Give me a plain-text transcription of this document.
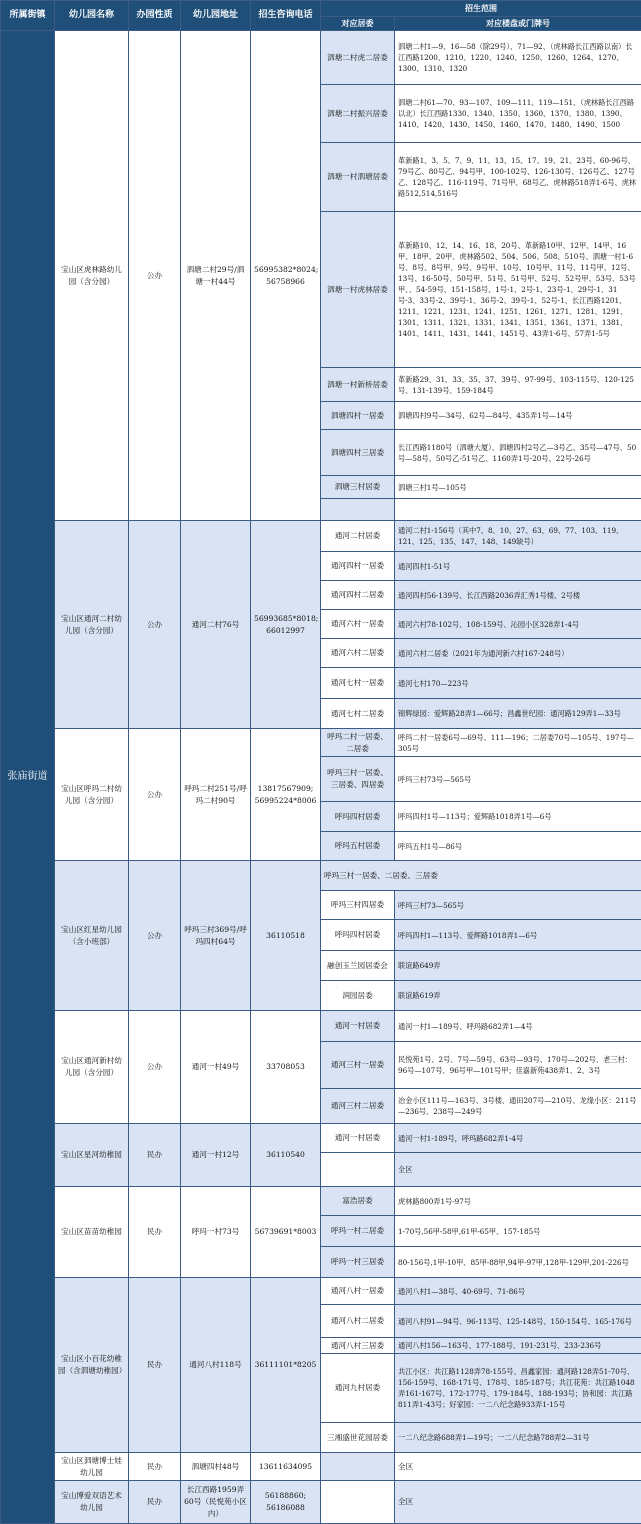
所属街镇	幼儿园名称	办园性质	幼儿园地址	招生咨询电话	招生范围	
					对应居委	对应楼盘或门牌号
张庙街道	宝山区虎林路幼儿园（含分园）	公办	泗塘二村29号/泗塘一村44号	56995382*8024; 56758966	泗塘二村虎二居委	泗塘二村1—9、16—58（除29号）、71—92、（虎林路长江西路以南）长江西路1200、1210、1220、1240、1250、1260、1264、1270、1300、1310、1320
					泗塘二村振兴居委	泗塘二村61—70、93—107、109—111、119—151、（虎林路长江西路以北）长江西路1330、1340、1350、1360、1370、1380、1390、1410、1420、1430、1450、1460、1470、1480、1490、1500
					泗塘一村泗塘居委	革新路1、3、5、7、9、11、13、15、17、19、21、23号、60-96号、79号乙、80号乙、94号甲、100-102号、126-130号、126号乙、127号乙、128号乙、116-119号、71号甲、68号乙、虎林路518弄1-6号、虎林路512,514,516号
					泗塘一村虎林居委	革新路10、12、14、16、18、20号、革新路10甲、12甲、14甲、16甲、18甲、20甲、虎林路502、504、506、508、510号、泗塘一村1-6号、8号、8号甲、9号、9号甲、10号、10号甲、11号、11号甲、12号、13号、16-50号、50号甲、51号、51号甲、52号、52号甲、53号、53号甲、、54-59号、151-158号、1号-1、2号-1、23号-1、29号-1、31号-3、33号-2、39号-1、36号-2、39号-1、52号-1、长江西路1201、1211、1221、1231、1241、1251、1261、1271、1281、1291、1301、1311、1321、1331、1341、1351、1361、1371、1381、1401、1411、1431、1441、1451号、43弄1-6号、57弄1-5号
					泗塘一村新桥居委	革新路29、31、33、35、37、39号、97-99号、103-115号、120-125号、131-139号、159-184号
					泗塘四村一居委	泗塘四村9号—34号、62号—84号、435弄1号—14号
					泗塘四村三居委	长江西路1180号（泗塘大厦）、泗塘四村2号乙—3号乙、35号—47号、50号—58号、50号乙-51号乙、1160弄1号-20号、22号-26号
					泗塘三村居委	泗塘三村1号—105号

	宝山区通河二村幼儿园（含分园）	公办	通河二村76号	56993685*8018; 66012997	通河二村居委	通河二村1-156号（其中7、8、10、27、63、69、77、103、119、121、125、135、147、148、149缺号）
					通河四村一居委	通河四村1-51号
					通河四村二居委	通河四村56-139号、长江西路2036弄汇秀1号楼、2号楼
					通河六村一居委	通河六村78-102号、108-159号、沁园小区328弄1-4号
					通河六村二居委	通河六村二居委（2021年为通河新六村167-248号）
					通河七村一居委	通河七村170—223号
					通河七村二居委	锦辉绿园：爱辉路28弄1—66号；昌鑫世纪园：通河路129弄1—33号
	宝山区呼玛二村幼儿园（含分园）	公办	呼玛二村251号/呼玛二村90号	13817567909; 56995224*8006	呼玛二村一居委、二居委	呼玛二村一居委6号—69号、111—196；二居委70号—105号、197号—305号
					呼玛三村一居委、三居委、四居委	呼玛三村73号—565号
					呼玛四村居委	呼玛四村1号—113号；爱辉路1018弄1号—6号
					呼玛五村居委	呼玛五村1号—86号
	宝山区红星幼儿园（含小班部）	公办	呼玛三村369号/呼玛四村64号	36110518	呼玛三村一居委、二居委、三居委	
					呼玛三村四居委	呼玛三村73—565号
					呼玛四村居委	呼玛四村1—113号、爱辉路1018弄1—6号
					融创玉兰园居委会	联谊路649弄
					润园居委	联谊路619弄
	宝山区通河新村幼儿园（含分园）	公办	通河一村49号	33708053	通河一村居委	通河一村1—189号、呼玛路682弄1—4号
					通河三村一居委	民悦苑1号、2号、7号—59号、63号—93号、170号—202号、老三村：96号—107号、96号甲—101号甲；佳嘉新苑438弄1、2、3号
					通河三村二居委	冶金小区111号—163号、3号楼、通田207号—210号、龙缘小区：211号—236号、238号—249号
	宝山区星河幼稚园	民办	通河一村12号	36110540	通河一村居委	通河一村1-189号，呼玛路682弄1-4号
						全区
	宝山区苗苗幼稚园	民办	呼玛一村73号	56739691*8003	富浩居委	虎林路800弄1号-97号
					呼玛一村二居委	1-70号,56甲-58甲,61甲-65甲、157-185号
					呼玛一村三居委	80-156号,1甲-10甲、85甲-88甲,94甲-97甲,128甲-129甲,201-226号
	宝山区小百花幼稚园（含泗塘幼稚园）	民办	通河八村118号	36111101*8205	通河八村一居委	通河八村1—38号、40-69号、71-86号
					通河八村二居委	通河八村91—94号、96-113号、125-148号、150-154号、165-176号
					通河八村三居委	通河八村156—163号、177-188号、191-231号、233-236号
					通河九村居委	共江小区：共江路1128弄78-155号、昌鑫家园：通河路128弄51-70号、156-159号、168-171号、178号、185-187号；共江花苑：共江路1048弄161-167号、172-177号、179-184号、188-193号；协和园：共江路811弄1-43号；好家园：一二八纪念路933弄1-15号
					三湘盛世花园居委	一二八纪念路688弄1—19号；一二八纪念路788弄2—31号
	宝山区泗塘博士娃幼儿园	民办	泗塘四村48号	13611634095		全区
	宝山博爱双语艺术幼儿园	民办	长江西路1959弄60号（民悦苑小区内）	56188860; 56186088		全区
